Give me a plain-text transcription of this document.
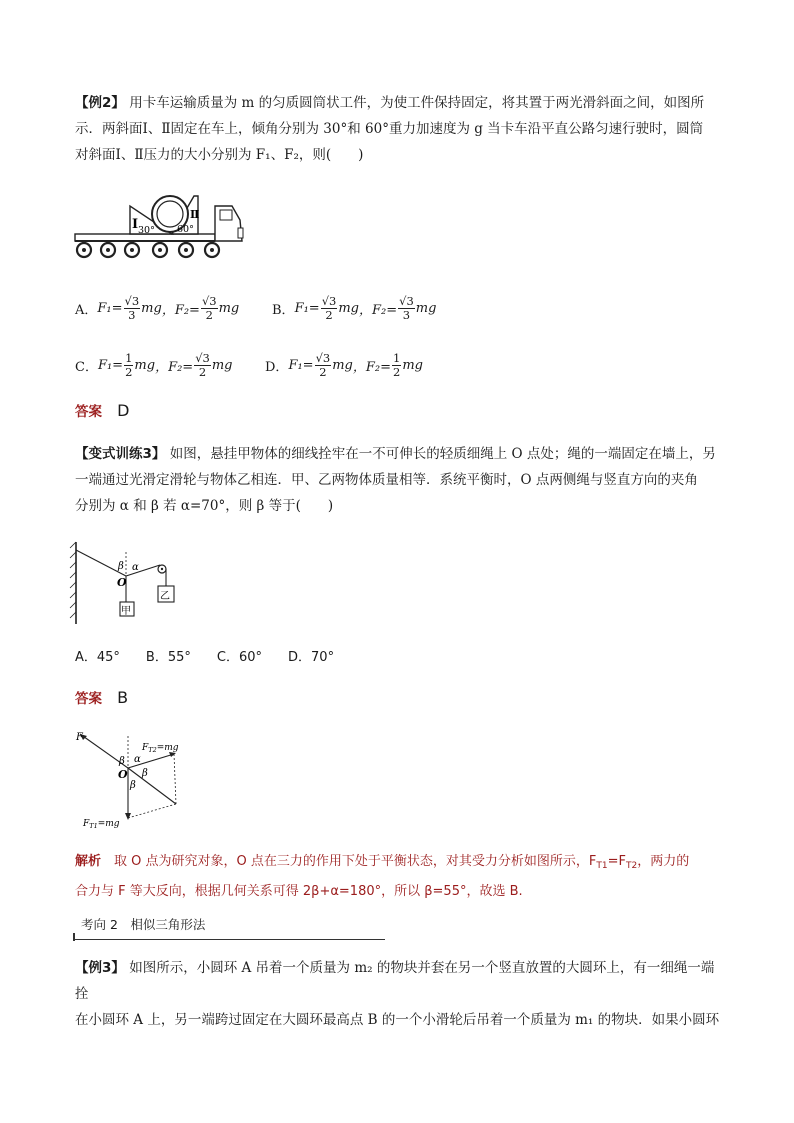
【例2】 用卡车运输质量为 m 的匀质圆筒状工件，为使工件保持固定，将其置于两光滑斜面之间，如图所
示．两斜面Ⅰ、Ⅱ固定在车上，倾角分别为 30°和 60°重力加速度为 g 当卡车沿平直公路匀速行驶时，圆筒
对斜面Ⅰ、Ⅱ压力的大小分别为 F₁、F₂，则(　　)
Ⅰ
Ⅱ
30° 60°
A． $F_1= \frac{√3}{3}$ mg ，$F_2= \frac{√3}{2}$ mg	B． $F_1= \frac{√3}{2}$ mg ，$F_2= \frac{√3}{3}$ mg
C． $F_1= \frac{1}{2}$ mg ，$F_2= \frac{√3}{2}$ mg	D． $F_1= \frac{√3}{2}$ mg ，$F_2= \frac{1}{2}$ mg
答案 D
【变式训练3】 如图，悬挂甲物体的细线拴牢在一不可伸长的轻质细绳上 O 点处；绳的一端固定在墙上，另
一端通过光滑定滑轮与物体乙相连．甲、乙两物体质量相等．系统平衡时，O 点两侧绳与竖直方向的夹角
分别为 α 和 β 若 α=70°，则 β 等于(　　)
β α
O
甲
乙
A．45°　　B．55°　　C．60°　　D．70°
答案 B
F
$F_{T2}=mg$
$F_{T1}=mg$
O
β α
β
β
解析　 取 O 点为研究对象，O 点在三力的作用下处于平衡状态，对其受力分析如图所示，$F_{T1}=F_{T2}$，两力的
合力与 F 等大反向，根据几何关系可得 2β+α=180°，所以 β=55°，故选 B.
考向 2　相似三角形法
【例3】 如图所示，小圆环 A 吊着一个质量为 m₂ 的物块并套在另一个竖直放置的大圆环上，有一细绳一端拴
在小圆环 A 上，另一端跨过固定在大圆环最高点 B 的一个小滑轮后吊着一个质量为 m₁ 的物块．如果小圆环
